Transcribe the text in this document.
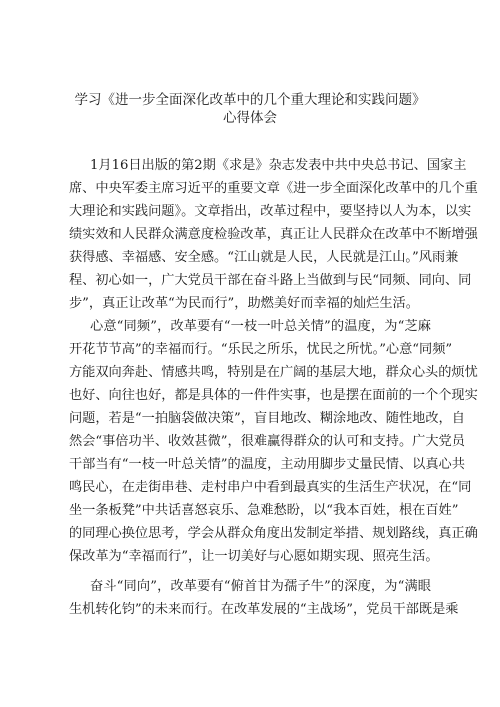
学习《进一步全面深化改革中的几个重大理论和实践问题》
心得体会
1月16日出版的第2期《求是》杂志发表中共中央总书记、国家主
席、中央军委主席习近平的重要文章《进一步全面深化改革中的几个重
大理论和实践问题》。文章指出，改革过程中，要坚持以人为本，以实
绩实效和人民群众满意度检验改革，真正让人民群众在改革中不断增强
获得感、幸福感、安全感。“江山就是人民，人民就是江山。”风雨兼
程、初心如一，广大党员干部在奋斗路上当做到与民“同频、同向、同
步”，真正让改革“为民而行”，助燃美好而幸福的灿烂生活。
心意“同频”，改革要有“一枝一叶总关情”的温度，为“芝麻
开花节节高”的幸福而行。“乐民之所乐，忧民之所忧。”心意“同频”
方能双向奔赴、情感共鸣，特别是在广阔的基层大地，群众心头的烦忧
也好、向往也好，都是具体的一件件实事，也是摆在面前的一个个现实
问题，若是“一拍脑袋做决策”，盲目地改、糊涂地改、随性地改，自
然会“事倍功半、收效甚微”，很难赢得群众的认可和支持。广大党员
干部当有“一枝一叶总关情”的温度，主动用脚步丈量民情、以真心共
鸣民心，在走街串巷、走村串户中看到最真实的生活生产状况，在“同
坐一条板凳”中共话喜怒哀乐、急难愁盼，以“我本百姓，根在百姓”
的同理心换位思考，学会从群众角度出发制定举措、规划路线，真正确
保改革为“幸福而行”，让一切美好与心愿如期实现、照亮生活。
奋斗“同向”，改革要有“俯首甘为孺子牛”的深度，为“满眼
生机转化钧”的未来而行。在改革发展的“主战场”，党员干部既是乘
